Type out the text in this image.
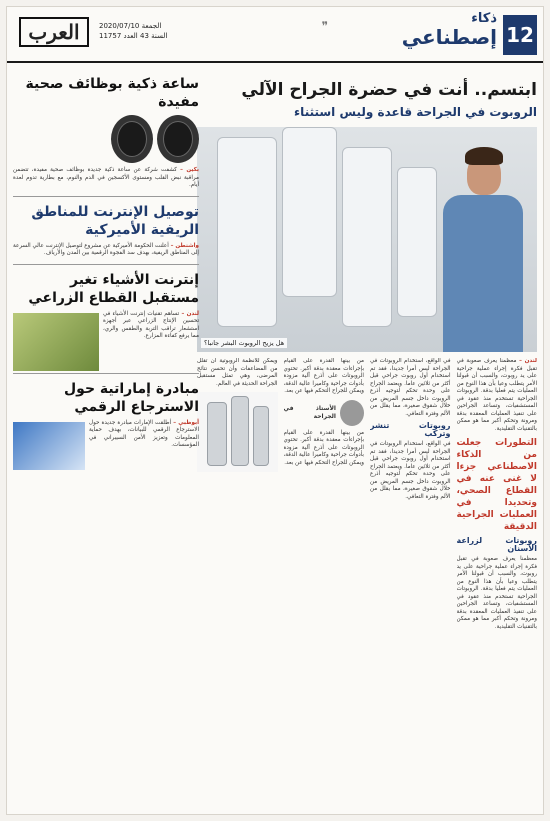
12
ذكاء
إصطناعي
❞
الجمعة 2020/07/10
السنة 43 العدد 11757
العرب
ابتسم.. أنت في حضرة الجراح الآلي
الروبوت في الجراحة قاعدة وليس استثناء
هل يزيح الروبوت البشر جانبا؟
لندن – معظمنا يعرف صعوبة في تقبل فكرة إجراء عملية جراحية على يد روبوت، والسبب أن قبولنا الأمر يتطلب وعيا بأن هذا النوع من العمليات يتم فعليا بدقة. الروبوتات الجراحية تستخدم منذ عقود في المستشفيات، وتساعد الجراحين على تنفيذ العمليات المعقدة بدقة ومرونة وتحكم أكبر مما هو ممكن بالتقنيات التقليدية.
التطورات جعلت من الذكاء الاصطناعي جزءا لا غنى عنه في القطاع الصحي، وتحديدا في العمليات الجراحية الدقيقة
روبوتات لزراعة الأسنان
معظمنا يعرف صعوبة في تقبل فكرة إجراء عملية جراحية على يد روبوت، والسبب أن قبولنا الأمر يتطلب وعيا بأن هذا النوع من العمليات يتم فعليا بدقة. الروبوتات الجراحية تستخدم منذ عقود في المستشفيات، وتساعد الجراحين على تنفيذ العمليات المعقدة بدقة ومرونة وتحكم أكبر مما هو ممكن بالتقنيات التقليدية.
في الواقع، استخدام الروبوتات في الجراحة ليس أمرا جديدا، فقد تم استخدام أول روبوت جراحي قبل أكثر من ثلاثين عاما. ويعتمد الجراح على وحدة تحكم لتوجيه أذرع الروبوت داخل جسم المريض من خلال شقوق صغيرة، مما يقلل من الألم وفترة التعافي.
روبوتات تنشر وتركب
في الواقع، استخدام الروبوتات في الجراحة ليس أمرا جديدا، فقد تم استخدام أول روبوت جراحي قبل أكثر من ثلاثين عاما. ويعتمد الجراح على وحدة تحكم لتوجيه أذرع الروبوت داخل جسم المريض من خلال شقوق صغيرة، مما يقلل من الألم وفترة التعافي.
من بينها القدرة على القيام بإجراءات معقدة بدقة أكبر. تحتوي الروبوتات على أذرع آلية مزودة بأدوات جراحية وكاميرا عالية الدقة، ويمكن للجراح التحكم فيها عن بعد.
الأستاذ في الجراحة
من بينها القدرة على القيام بإجراءات معقدة بدقة أكبر. تحتوي الروبوتات على أذرع آلية مزودة بأدوات جراحية وكاميرا عالية الدقة، ويمكن للجراح التحكم فيها عن بعد.
ويمكن للأنظمة الروبوتية أن تقلل من المضاعفات وأن تحسن نتائج المرضى، وهي تمثل مستقبل الجراحة الحديثة في العالم.
ساعة ذكية بوظائف صحية مفيدة
بكين – كشفت شركة عن ساعة ذكية جديدة بوظائف صحية مفيدة، تتضمن مراقبة نبض القلب ومستوى الأكسجين في الدم والنوم، مع بطارية تدوم لعدة أيام.
توصيل الإنترنت للمناطق الريفية الأميركية
واشنطن – أعلنت الحكومة الأميركية عن مشروع لتوصيل الإنترنت عالي السرعة إلى المناطق الريفية، بهدف سد الفجوة الرقمية بين المدن والأرياف.
إنترنت الأشياء تغير مستقبل القطاع الزراعي
لندن – تساهم تقنيات إنترنت الأشياء في تحسين الإنتاج الزراعي عبر أجهزة استشعار تراقب التربة والطقس والري، مما يرفع كفاءة المزارع.
مبادرة إماراتية حول الاسترجاع الرقمي
أبوظبي – أطلقت الإمارات مبادرة جديدة حول الاسترجاع الرقمي للبيانات، بهدف حماية المعلومات وتعزيز الأمن السيبراني في المؤسسات.
